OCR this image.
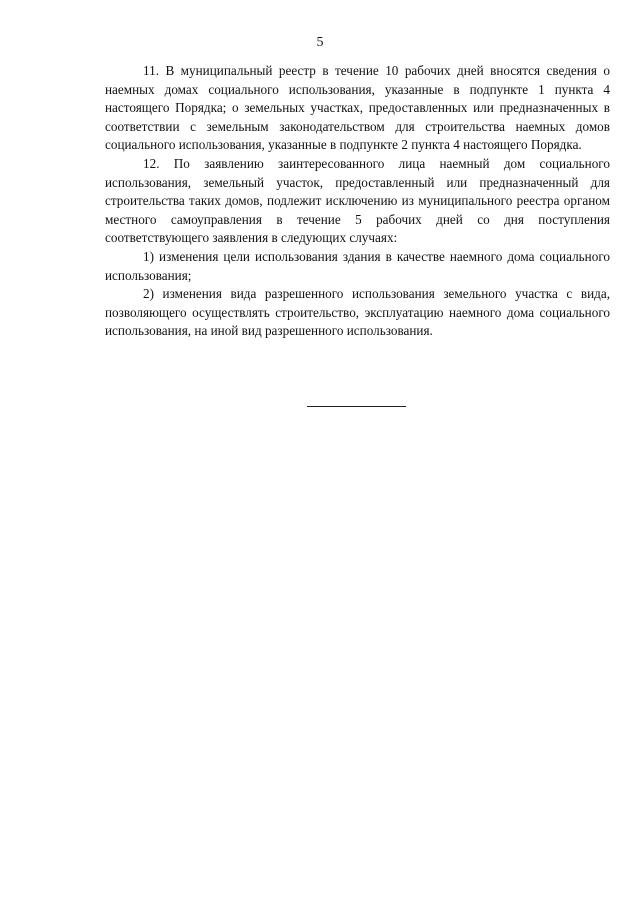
5

11. В муниципальный реестр в течение 10 рабочих дней вносятся сведения о наемных домах социального использования, указанные в подпункте 1 пункта 4 настоящего Порядка; о земельных участках, предоставленных или предназначенных в соответствии с земельным законодательством для строительства наемных домов социального использования, указанные в подпункте 2 пункта 4 настоящего Порядка.

12. По заявлению заинтересованного лица наемный дом социального использования, земельный участок, предоставленный или предназначенный для строительства таких домов, подлежит исключению из муниципального реестра органом местного самоуправления в течение 5 рабочих дней со дня поступления соответствующего заявления в следующих случаях:

1) изменения цели использования здания в качестве наемного дома социального использования;

2) изменения вида разрешенного использования земельного участка с вида, позволяющего осуществлять строительство, эксплуатацию наемного дома социального использования, на иной вид разрешенного использования.
